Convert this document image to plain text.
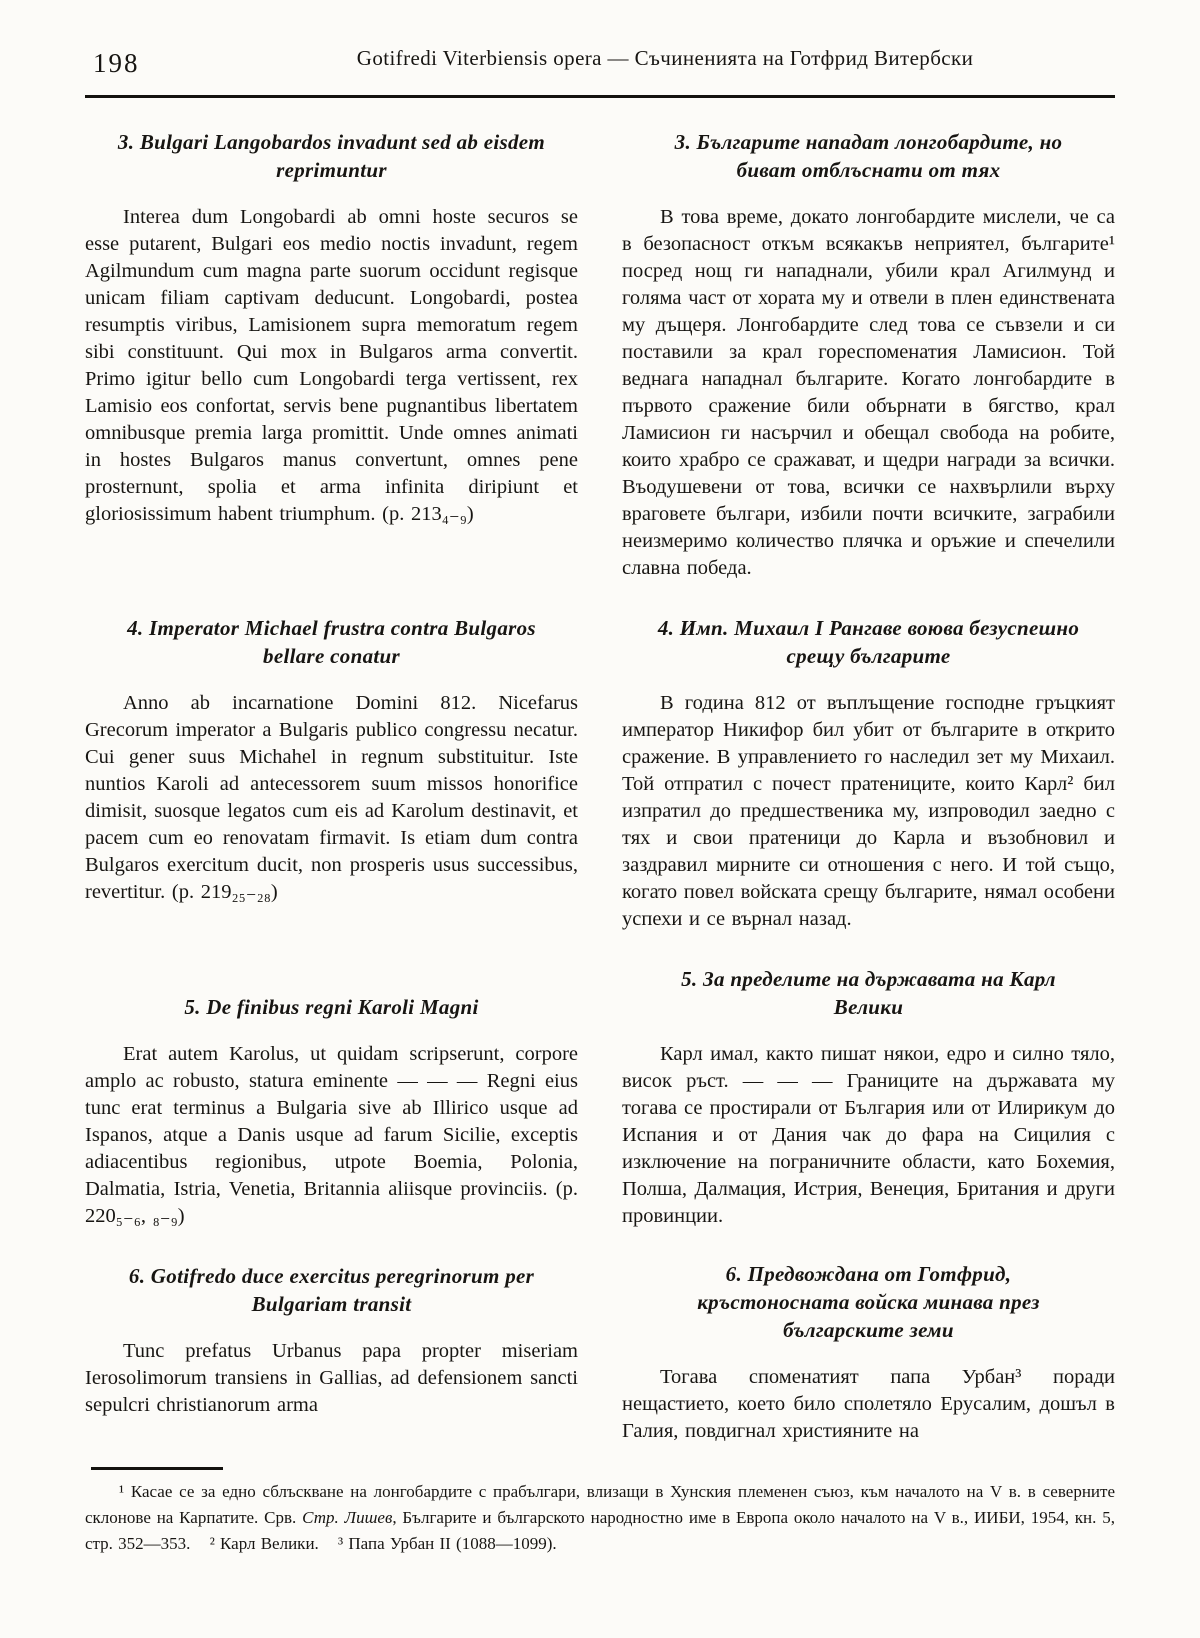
198	Gotifredi Viterbiensis opera — Съчиненията на Готфрид Витербски
3. Bulgari Langobardos invadunt sed ab eisdem reprimuntur

Interea dum Longobardi ab omni hoste securos se esse putarent, Bulgari eos medio noctis invadunt, regem Agilmundum cum magna parte suorum occidunt regisque unicam filiam captivam deducunt. Longobardi, postea resumptis viribus, Lamisionem supra memoratum regem sibi constituunt. Qui mox in Bulgaros arma convertit. Primo igitur bello cum Longobardi terga vertissent, rex Lamisio eos confortat, servis bene pugnantibus libertatem omnibusque premia larga promittit. Unde omnes animati in hostes Bulgaros manus convertunt, omnes pene prosternunt, spolia et arma infinita diripiunt et gloriosissimum habent triumphum. (p. 213₄₋₉)

3. Българите нападат лонгобардите, но биват отблъснати от тях

В това време, докато лонгобардите мислели, че са в безопасност откъм всякакъв неприятел, българите¹ посред нощ ги нападнали, убили крал Агилмунд и голяма част от хората му и отвели в плен единствената му дъщеря. Лонгобардите след това се съвзели и си поставили за крал гореспоменатия Ламисион. Той веднага нападнал българите. Когато лонгобардите в първото сражение били обърнати в бягство, крал Ламисион ги насърчил и обещал свобода на робите, които храбро се сражават, и щедри награди за всички. Въодушевени от това, всички се нахвърлили върху враговете българи, избили почти всичките, заграбили неизмеримо количество плячка и оръжие и спечелили славна победа.

4. Imperator Michael frustra contra Bulgaros bellare conatur

Anno ab incarnatione Domini 812. Nicefarus Grecorum imperator a Bulgaris publico congressu necatur. Cui gener suus Michahel in regnum substituitur. Iste nuntios Karoli ad antecessorem suum missos honorifice dimisit, suosque legatos cum eis ad Karolum destinavit, et pacem cum eo renovatam firmavit. Is etiam dum contra Bulgaros exercitum ducit, non prosperis usus successibus, revertitur. (p. 219₂₅₋₂₈)

4. Имп. Михаил I Рангаве воюва безуспешно срещу българите

В година 812 от въплъщение господне гръцкият император Никифор бил убит от българите в открито сражение. В управлението го наследил зет му Михаил. Той отпратил с почест пратениците, които Карл² бил изпратил до предшественика му, изпроводил заедно с тях и свои пратеници до Карла и възобновил и заздравил мирните си отношения с него. И той също, когато повел войската срещу българите, нямал особени успехи и се върнал назад.

5. De finibus regni Karoli Magni

Erat autem Karolus, ut quidam scripserunt, corpore amplo ac robusto, statura eminente — — — Regni eius tunc erat terminus a Bulgaria sive ab Illirico usque ad Ispanos, atque a Danis usque ad farum Sicilie, exceptis adiacentibus regionibus, utpote Boemia, Polonia, Dalmatia, Istria, Venetia, Britannia aliisque provinciis. (p. 220₅₋₆, ₈₋₉)

5. За пределите на държавата на Карл Велики

Карл имал, както пишат някои, едро и силно тяло, висок ръст. — — — Границите на държавата му тогава се простирали от България или от Илирикум до Испания и от Дания чак до фара на Сицилия с изключение на пограничните области, като Бохемия, Полша, Далмация, Истрия, Венеция, Британия и други провинции.

6. Gotifredo duce exercitus peregrinorum per Bulgariam transit

Tunc prefatus Urbanus papa propter miseriam Ierosolimorum transiens in Gallias, ad defensionem sancti sepulcri christianorum arma

6. Предвождана от Готфрид, кръстоносната войска минава през българските земи

Тогава споменатият папа Урбан³ поради нещастието, което било сполетяло Ерусалим, дошъл в Галия, повдигнал християните на

¹ Касае се за едно сблъскване на лонгобардите с прабългари, влизащи в Хунския племенен съюз, към началото на V в. в северните склонове на Карпатите. Срв. Стр. Лишев, Българите и българското народностно име в Европа около началото на V в., ИИБИ, 1954, кн. 5, стр. 352—353. ² Карл Велики. ³ Папа Урбан II (1088—1099).
